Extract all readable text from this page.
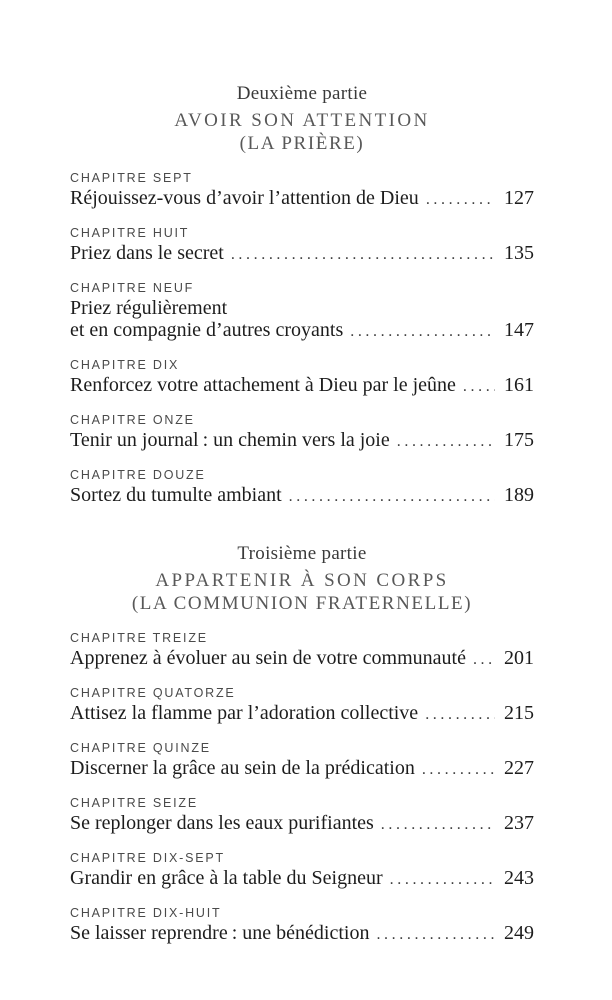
Deuxième partie
AVOIR SON ATTENTION
(LA PRIÈRE)
CHAPITRE SEPT
Réjouissez-vous d’avoir l’attention de Dieu .....	127
CHAPITRE HUIT
Priez dans le secret .....	135
CHAPITRE NEUF
Priez régulièrement
et en compagnie d’autres croyants .....	147
CHAPITRE DIX
Renforcez votre attachement à Dieu par le jeûne ..... 161
CHAPITRE ONZE
Tenir un journal : un chemin vers la joie .....	175
CHAPITRE DOUZE
Sortez du tumulte ambiant .....	189
Troisième partie
APPARTENIR À SON CORPS
(LA COMMUNION FRATERNELLE)
CHAPITRE TREIZE
Apprenez à évoluer au sein de votre communauté ..... 201
CHAPITRE QUATORZE
Attisez la flamme par l’adoration collective .....	215
CHAPITRE QUINZE
Discerner la grâce au sein de la prédication .....	227
CHAPITRE SEIZE
Se replonger dans les eaux purifiantes .....	237
CHAPITRE DIX-SEPT
Grandir en grâce à la table du Seigneur .....	243
CHAPITRE DIX-HUIT
Se laisser reprendre : une bénédiction .....	249
